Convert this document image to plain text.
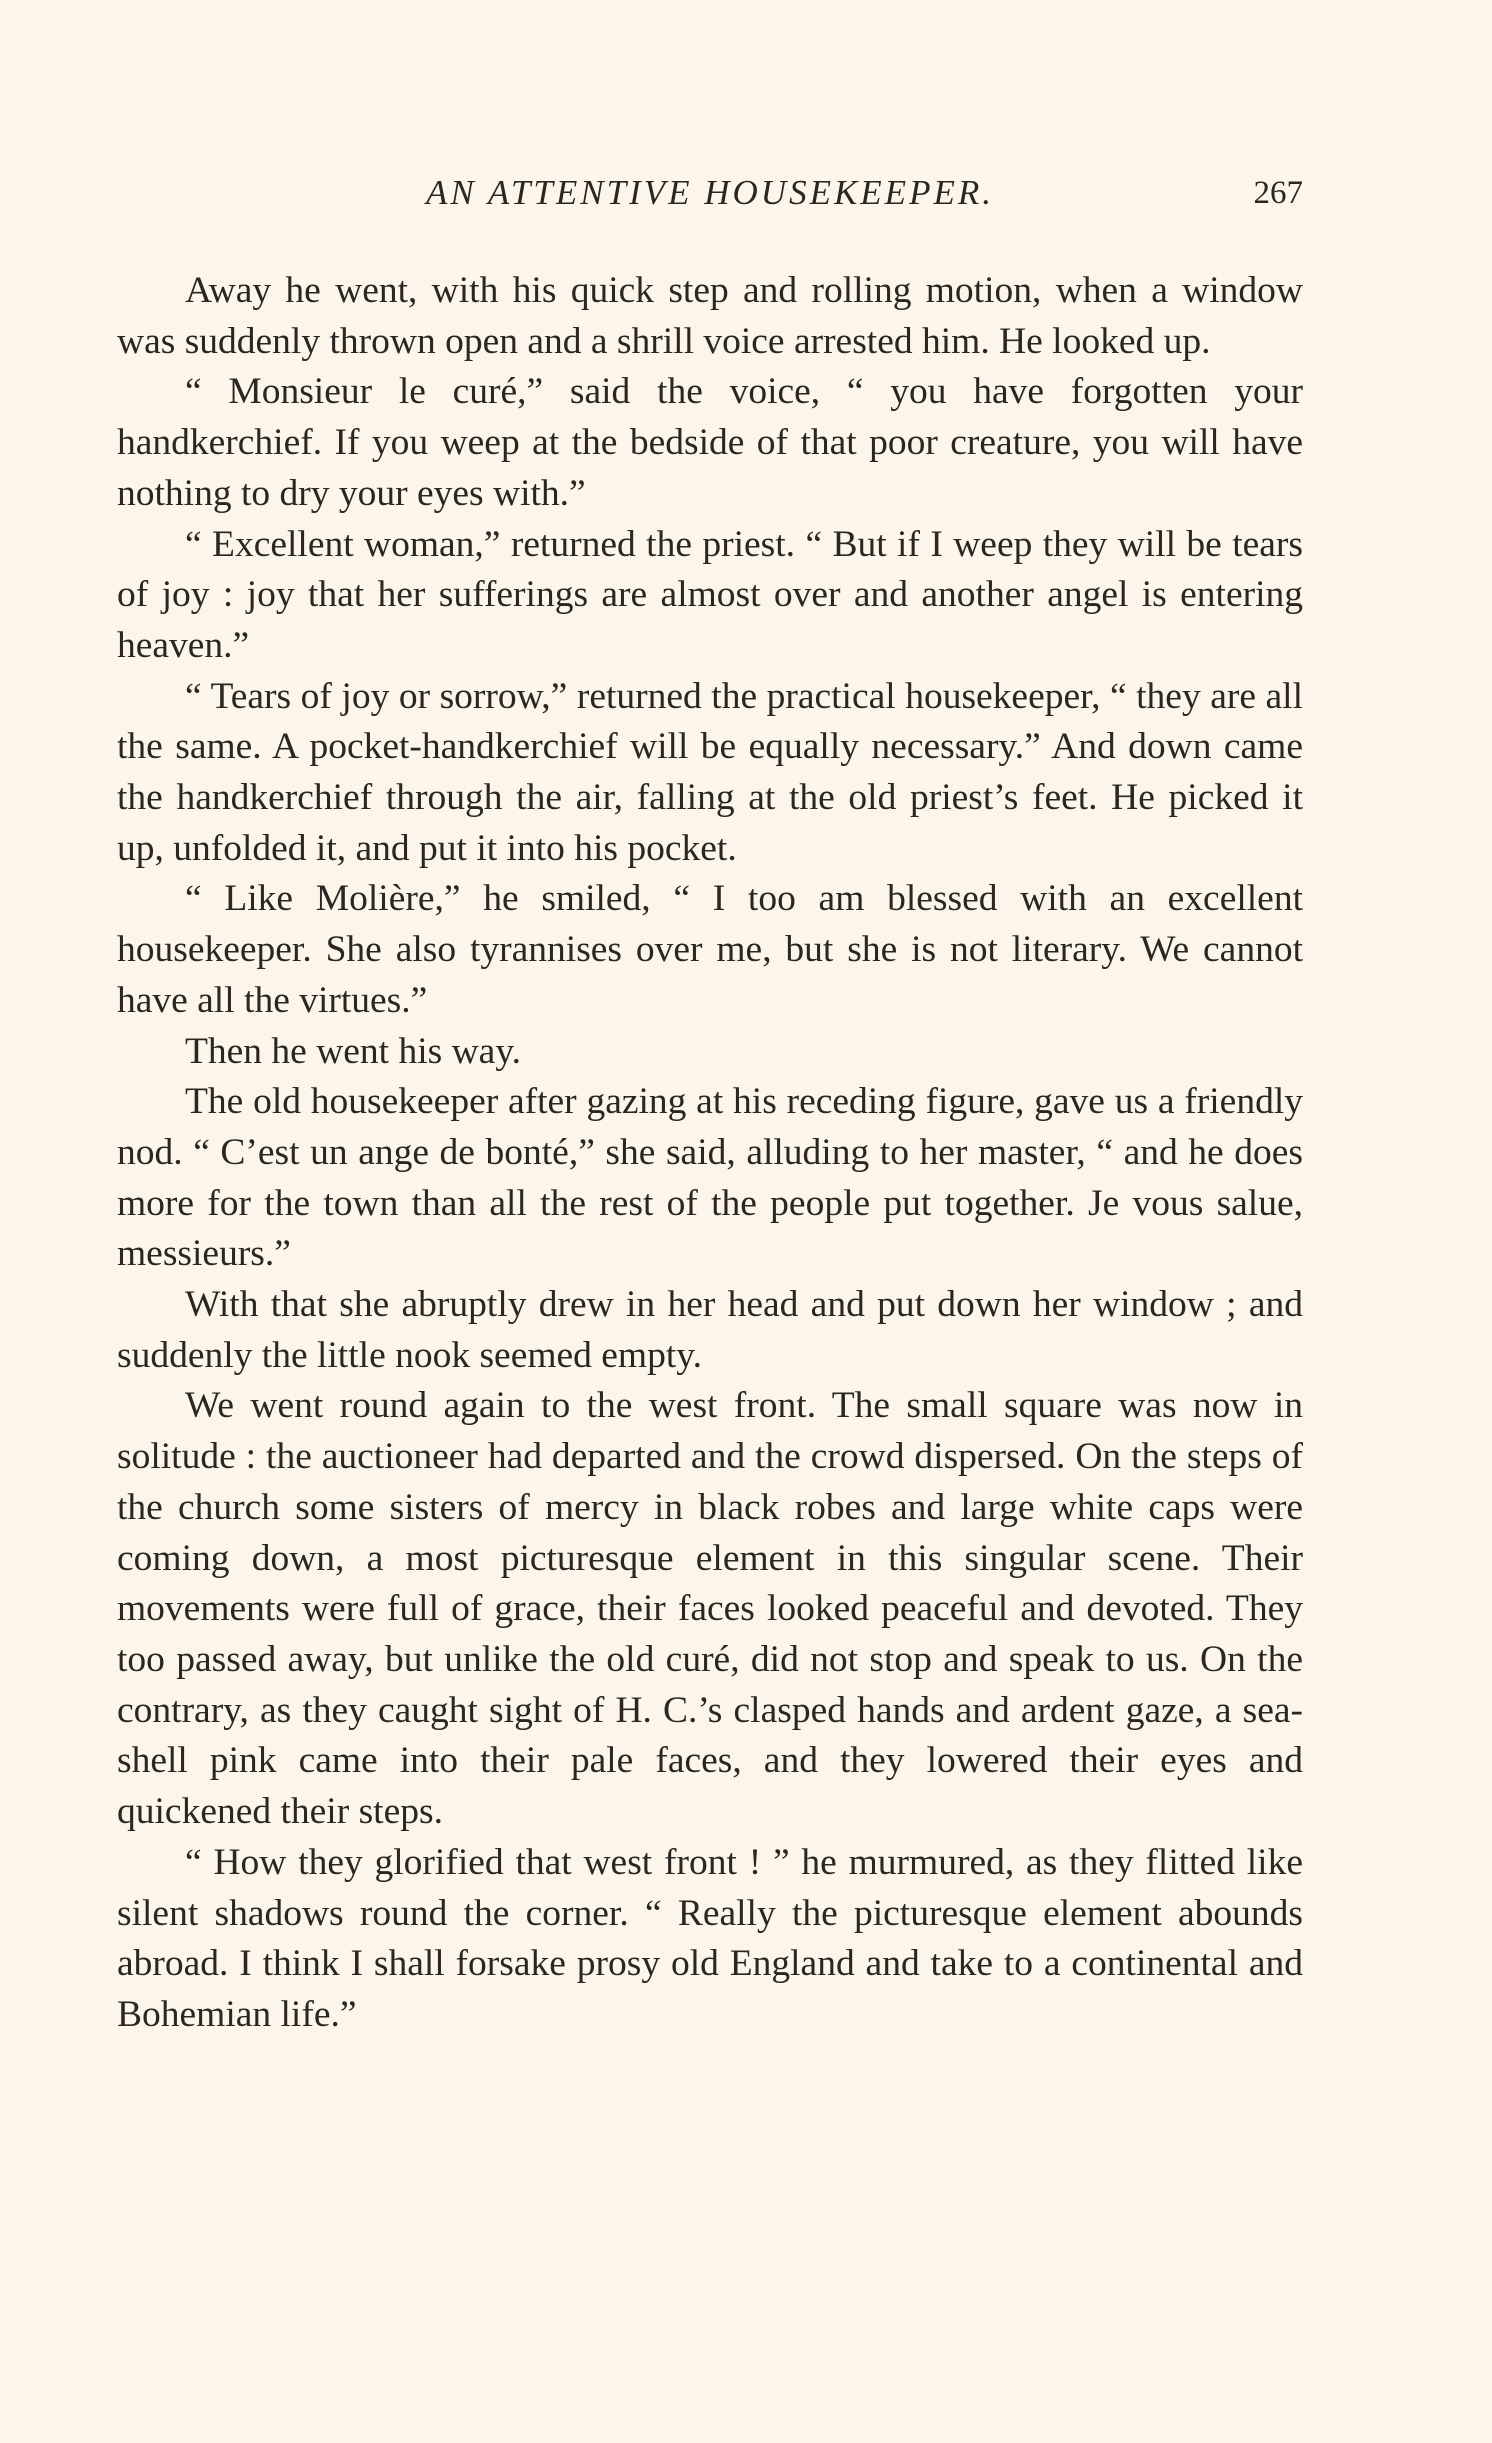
AN ATTENTIVE HOUSEKEEPER.	267

Away he went, with his quick step and rolling motion, when a window was suddenly thrown open and a shrill voice arrested him. He looked up.

“ Monsieur le curé,” said the voice, “ you have forgotten your handkerchief. If you weep at the bedside of that poor creature, you will have nothing to dry your eyes with.”

“ Excellent woman,” returned the priest. “ But if I weep they will be tears of joy : joy that her sufferings are almost over and another angel is entering heaven.”

“ Tears of joy or sorrow,” returned the practical housekeeper, “ they are all the same. A pocket-handkerchief will be equally necessary.” And down came the handkerchief through the air, falling at the old priest’s feet. He picked it up, unfolded it, and put it into his pocket.

“ Like Molière,” he smiled, “ I too am blessed with an excellent housekeeper. She also tyrannises over me, but she is not literary. We cannot have all the virtues.”

Then he went his way.

The old housekeeper after gazing at his receding figure, gave us a friendly nod. “ C’est un ange de bonté,” she said, alluding to her master, “ and he does more for the town than all the rest of the people put together. Je vous salue, messieurs.”

With that she abruptly drew in her head and put down her window ; and suddenly the little nook seemed empty.

We went round again to the west front. The small square was now in solitude : the auctioneer had departed and the crowd dispersed. On the steps of the church some sisters of mercy in black robes and large white caps were coming down, a most picturesque element in this singular scene. Their movements were full of grace, their faces looked peaceful and devoted. They too passed away, but unlike the old curé, did not stop and speak to us. On the contrary, as they caught sight of H. C.’s clasped hands and ardent gaze, a sea-shell pink came into their pale faces, and they lowered their eyes and quickened their steps.

“ How they glorified that west front ! ” he murmured, as they flitted like silent shadows round the corner. “ Really the picturesque element abounds abroad. I think I shall forsake prosy old England and take to a continental and Bohemian life.”
